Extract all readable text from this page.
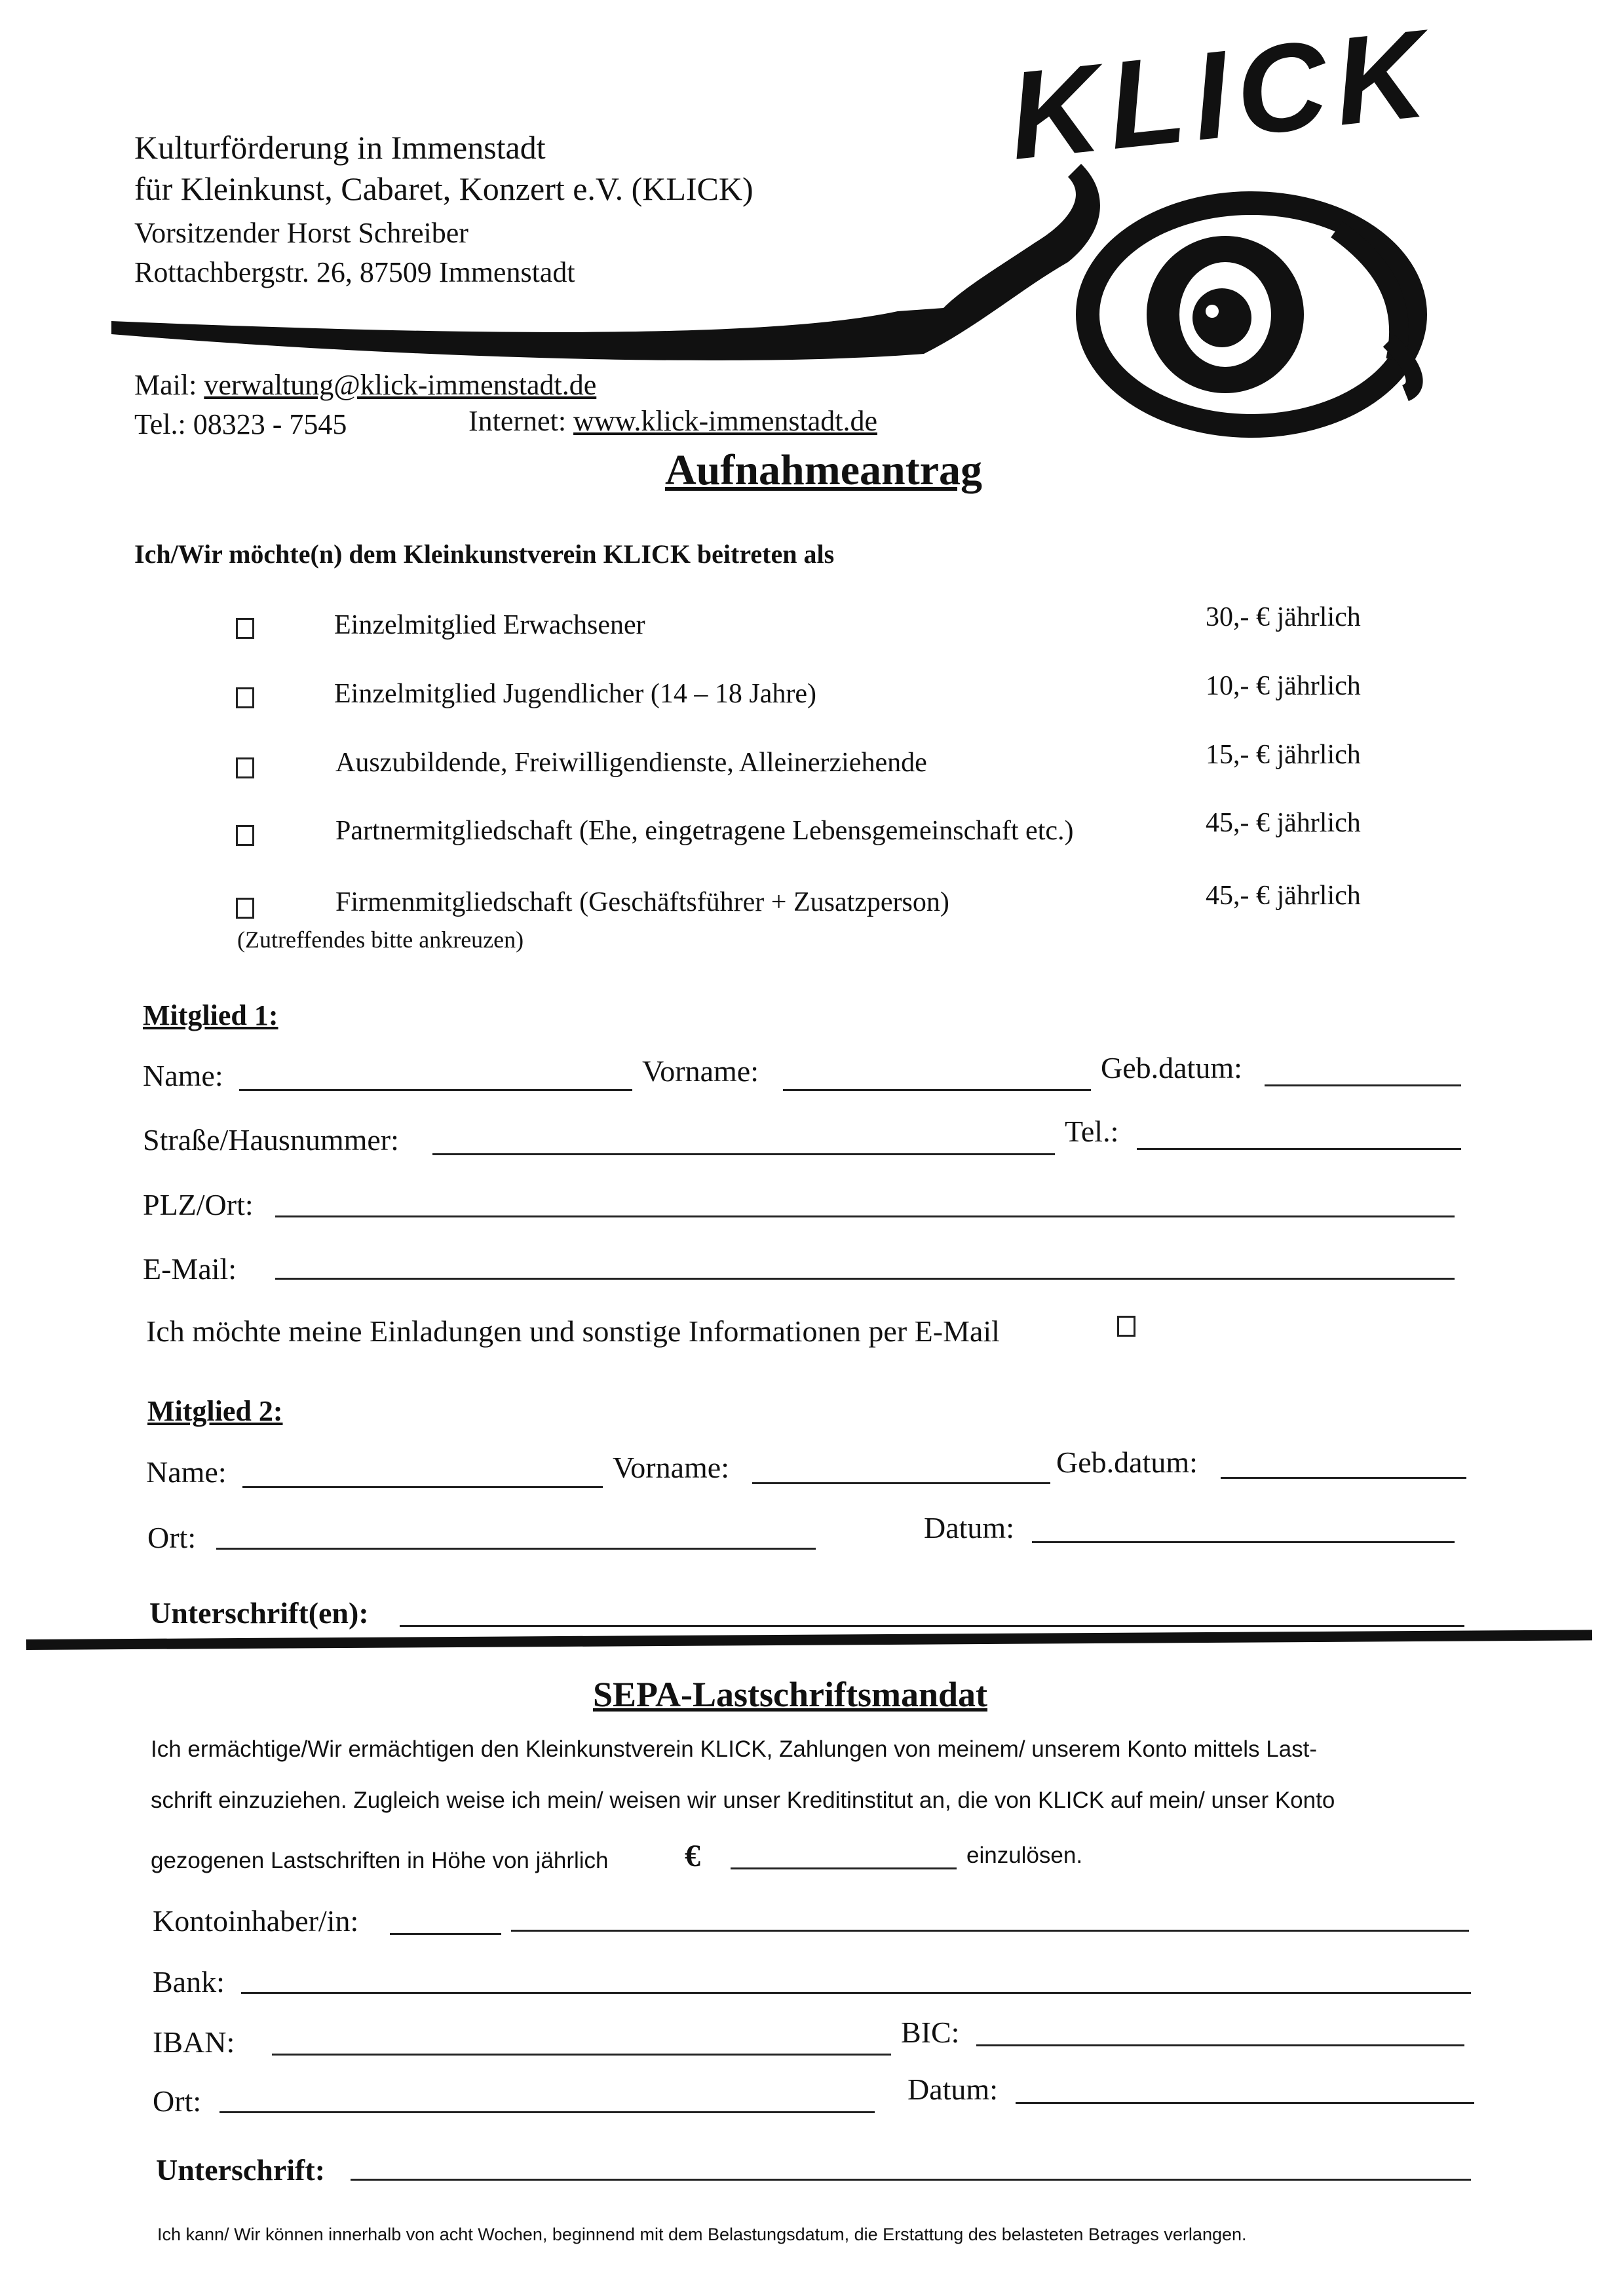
Kulturförderung in Immenstadt
für Kleinkunst, Cabaret, Konzert e.V. (KLICK)
Vorsitzender Horst Schreiber
Rottachbergstr. 26, 87509 Immenstadt
KLICK
Mail: verwaltung@klick-immenstadt.de
Tel.: 08323 - 7545	Internet: www.klick-immenstadt.de
Aufnahmeantrag
Ich/Wir möchte(n) dem Kleinkunstverein KLICK beitreten als
Einzelmitglied Erwachsener	30,- € jährlich
Einzelmitglied Jugendlicher (14 – 18 Jahre)	10,- € jährlich
Auszubildende, Freiwilligendienste, Alleinerziehende	15,- € jährlich
Partnermitgliedschaft (Ehe, eingetragene Lebensgemeinschaft etc.)	45,- € jährlich
Firmenmitgliedschaft (Geschäftsführer + Zusatzperson)	45,- € jährlich
(Zutreffendes bitte ankreuzen)
Mitglied 1:
Name:	Vorname:	Geb.datum:
Straße/Hausnummer:	Tel.:
PLZ/Ort:
E-Mail:
Ich möchte meine Einladungen und sonstige Informationen per E-Mail
Mitglied 2:
Name:	Vorname:	Geb.datum:
Ort:	Datum:
Unterschrift(en):
SEPA-Lastschriftsmandat
Ich ermächtige/Wir ermächtigen den Kleinkunstverein KLICK, Zahlungen von meinem/ unserem Konto mittels Last-
schrift einzuziehen. Zugleich weise ich mein/ weisen wir unser Kreditinstitut an, die von KLICK auf mein/ unser Konto
gezogenen Lastschriften in Höhe von jährlich €	einzulösen.
Kontoinhaber/in:
Bank:
IBAN:	BIC:
Ort:	Datum:
Unterschrift:
Ich kann/ Wir können innerhalb von acht Wochen, beginnend mit dem Belastungsdatum, die Erstattung des belasteten Betrages verlangen.
